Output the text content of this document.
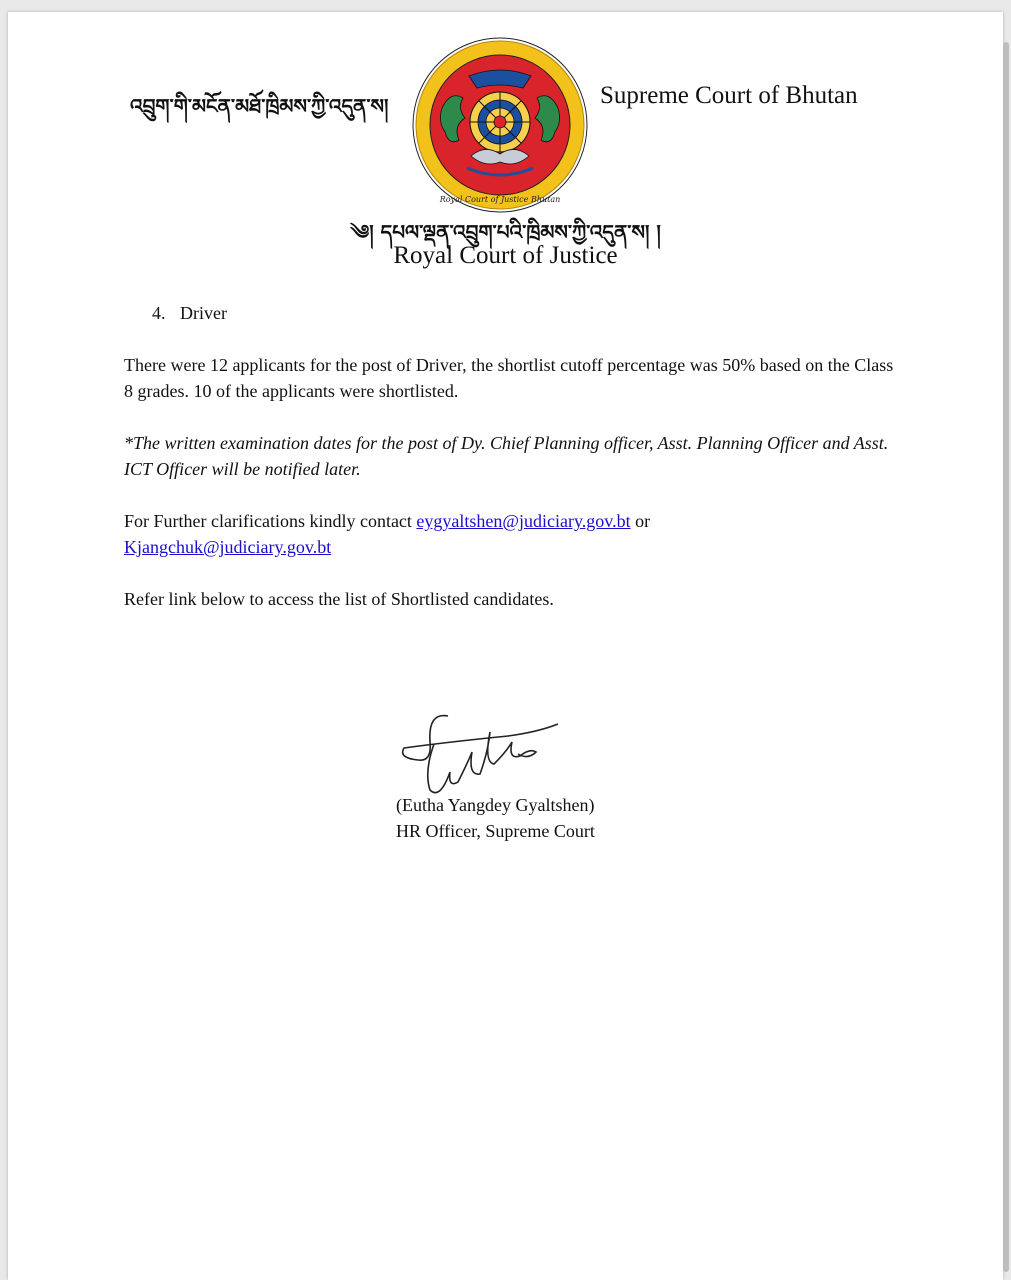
འབྲུག་གི་མངོན་མཐོ་ཁྲིམས་ཀྱི་འདུན་ས།
Royal Court of Justice Bhutan
Supreme Court of Bhutan
༄། དཔལ་ལྡན་འབྲུག་པའི་ཁྲིམས་ཀྱི་འདུན་ས། །
Royal Court of Justice
4. Driver

There were 12 applicants for the post of Driver, the shortlist cutoff percentage was 50% based on the Class 8 grades. 10 of the applicants were shortlisted.

*The written examination dates for the post of Dy. Chief Planning officer, Asst. Planning Officer and Asst. ICT Officer will be notified later.

For Further clarifications kindly contact eygyaltshen@judiciary.gov.bt or
Kjangchuk@judiciary.gov.bt

Refer link below to access the list of Shortlisted candidates.

(Eutha Yangdey Gyaltshen)
HR Officer, Supreme Court
